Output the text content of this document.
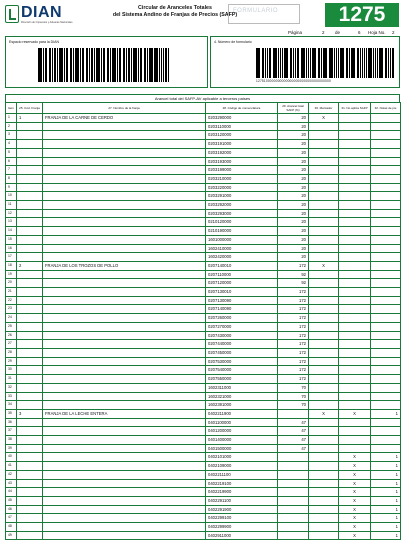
DIAN
Dirección de Impuestos y Aduanas Nacionales
Circular de Aranceles Totales
del Sistema Andino de Franjas de Precios (SAFP)
FORMULARIO	1275
Página	2 de	6 Hoja No. 2
Espacio reservado para la DIAN	4. Número de formulario
12751000000000000000000000000000000000
Arancel total del SAFP-AV aplicable a terceros países
Item	25. Cód. Franja	27. Nombre de la franja	28. Código de nomenclatura	29. Arancel total SAFP (%)	30. Marcador	31. No aplica SAFP	32. Notas de pie
1	1	FRANJA DE LA CARNE DE CERDO	0203290000	20	X		
2			0203110000	20			
3			0203120000	20			
4			0203191000	20			
5			0203192000	20			
6			0203193000	20			
7			0203199000	20			
8			0203210000	20			
9			0203220000	20			
10			0203291000	20			
11			0203292000	20			
12			0203293000	20			
13			0210120000	20			
14			0210190000	20			
15			1601000000	20			
16			1602410000	20			
17			1602420000	20			
18	2	FRANJA DE LOS TROZOS DE POLLO	0207140010	172	X		
19			0207110000	92			
20			0207120000	92			
21			0207130010	172			
22			0207130090	172			
23			0207140090	172			
24			0207260000	172			
25			0207270000	172			
26			0207430000	172			
27			0207440000	172			
28			0207450000	172			
29			0207530000	172			
30			0207540000	172			
31			0207550000	172			
32			1602311000	70			
33			1602321000	70			
34			1602391000	70			
35	3	FRANJA DE LA LECHE ENTERA	0402211900		X	X	1
36			0401100000	47			
37			0401200000	47			
38			0401400000	47			
39			0401500000	47			
40			0402101000			X	1
41			0402109000			X	1
42			0402211100			X	1
43			0402219100			X	1
44			0402219900			X	1
45			0402291100			X	1
46			0402291900			X	1
47			0402299100			X	1
48			0402299900			X	1
49			0402911000			X	1
